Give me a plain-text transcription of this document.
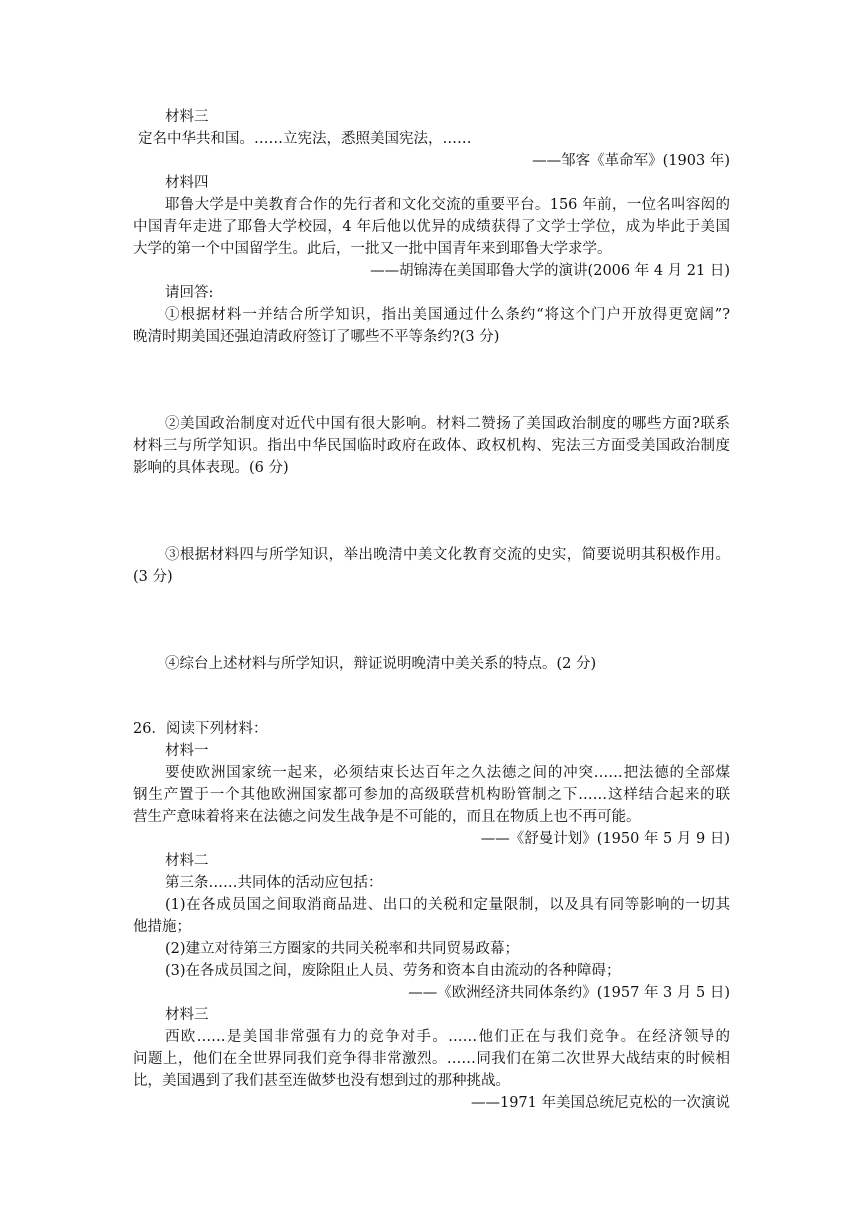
材料三
定名中华共和国。……立宪法，悉照美国宪法，……
——邹客《革命军》(1903 年)
材料四
耶鲁大学是中美教育合作的先行者和文化交流的重要平台。156 年前，一位名叫容闳的
中国青年走进了耶鲁大学校园，4 年后他以优异的成绩获得了文学士学位，成为毕此于美国
大学的第一个中国留学生。此后，一批又一批中国青年来到耶鲁大学求学。
——胡锦涛在美国耶鲁大学的演讲(2006 年 4 月 21 日)
请回答:
①根据材料一并结合所学知识，指出美国通过什么条约“将这个门户开放得更宽阔”?
晚清时期美国还强迫清政府签订了哪些不平等条约?(3 分)
②美国政治制度对近代中国有很大影响。材料二赞扬了美国政治制度的哪些方面?联系
材料三与所学知识。指出中华民国临时政府在政体、政权机构、宪法三方面受美国政治制度
影响的具体表现。(6 分)
③根据材料四与所学知识，举出晚清中美文化教育交流的史实，简要说明其积极作用。
(3 分)
④综台上述材料与所学知识，辩证说明晚清中美关系的特点。(2 分)
26．阅读下列材料：
材料一
要使欧洲国家统一起来，必须结束长达百年之久法德之间的冲突……把法德的全部煤
钢生产置于一个其他欧洲国家都可参加的高级联营机构盼管制之下……这样结合起来的联
营生产意味着将来在法德之问发生战争是不可能的，而且在物质上也不再可能。
——《舒曼计划》(1950 年 5 月 9 日)
材料二
第三条……共同体的活动应包括：
(1)在各成员国之间取消商品进、出口的关税和定量限制，以及具有同等影响的一切其
他措施；
(2)建立对待第三方圈家的共同关税率和共同贸易政幕；
(3)在各成员国之间，废除阻止人员、劳务和资本自由流动的各种障碍；
——《欧洲经济共同体条约》(1957 年 3 月 5 日)
材料三
西欧……是美国非常强有力的竞争对手。……他们正在与我们竞争。在经济领导的
问题上，他们在全世界同我们竞争得非常激烈。……同我们在第二次世界大战结束的时候相
比，美国遇到了我们甚至连做梦也没有想到过的那种挑战。
——1971 年美国总统尼克松的一次演说
